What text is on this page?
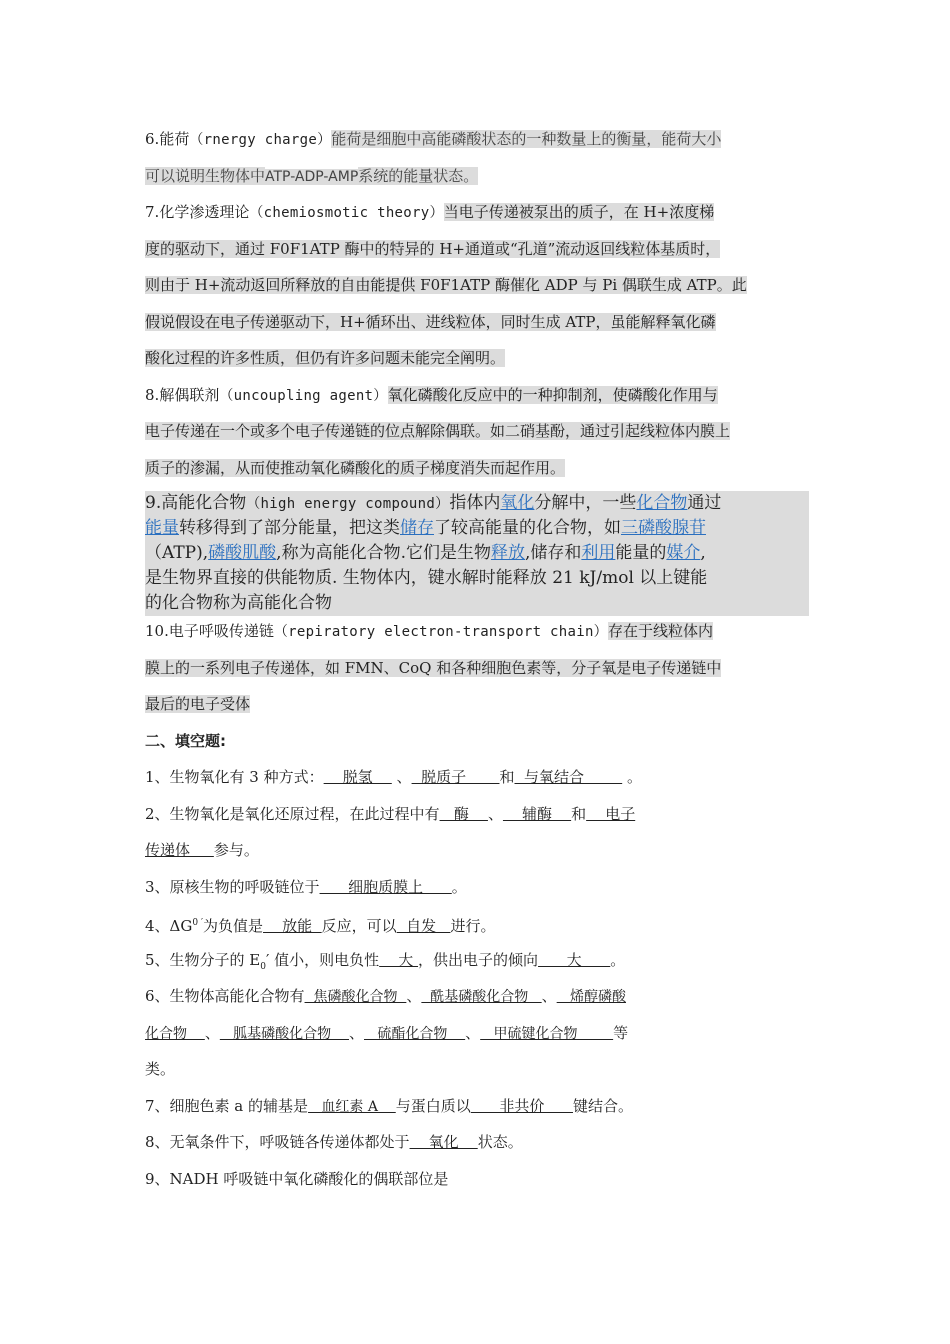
6.能荷（rnergy charge）能荷是细胞中高能磷酸状态的一种数量上的衡量，能荷大小
可以说明生物体中ATP-ADP-AMP系统的能量状态。
7.化学渗透理论（chemiosmotic theory）当电子传递被泵出的质子，在 H+浓度梯
度的驱动下，通过 F0F1ATP 酶中的特异的 H+通道或“孔道”流动返回线粒体基质时，
则由于 H+流动返回所释放的自由能提供 F0F1ATP 酶催化 ADP 与 Pi 偶联生成 ATP。此
假说假设在电子传递驱动下，H+循环出、进线粒体，同时生成 ATP，虽能解释氧化磷
酸化过程的许多性质，但仍有许多问题未能完全阐明。
8.解偶联剂（uncoupling agent）氧化磷酸化反应中的一种抑制剂，使磷酸化作用与
电子传递在一个或多个电子传递链的位点解除偶联。如二硝基酚，通过引起线粒体内膜上
质子的渗漏，从而使推动氧化磷酸化的质子梯度消失而起作用。
9.高能化合物（high energy compound）指体内氧化分解中，一些化合物通过
能量转移得到了部分能量，把这类储存了较高能量的化合物，如三磷酸腺苷
（ATP),磷酸肌酸,称为高能化合物.它们是生物释放,储存和利用能量的媒介,
是生物界直接的供能物质. 生物体内，键水解时能释放 21 kJ/mol 以上键能
的化合物称为高能化合物
10.电子呼吸传递链（repiratory electron-transport chain）存在于线粒体内
膜上的一系列电子传递体，如 FMN、CoQ 和各种细胞色素等，分子氧是电子传递链中
最后的电子受体
二、填空题:
1、生物氧化有 3 种方式：    脱氢     、  脱质子       和  与氧结合         。
2、生物氧化是氧化还原过程，在此过程中有   酶    、    辅酶    和    电子
传递体     参与。
3、原核生物的呼吸链位于      细胞质膜上      。
4、$\Delta G^{0 '}$为负值是    放能  反应，可以  自发   进行。
5、生物分子的 $E_0'$ 值小，则电负性    大 ，供出电子的倾向      大      。
6、生物体高能化合物有  焦磷酸化合物  、  酰基磷酸化合物   、   烯醇磷酸
化合物    、   胍基磷酸化合物    、   硫酯化合物    、   甲硫键化合物        等
类。
7、细胞色素 a 的辅基是   血红素 A    与蛋白质以      非共价      键结合。
8、无氧条件下，呼吸链各传递体都处于    氧化    状态。
9、NADH 呼吸链中氧化磷酸化的偶联部位是
